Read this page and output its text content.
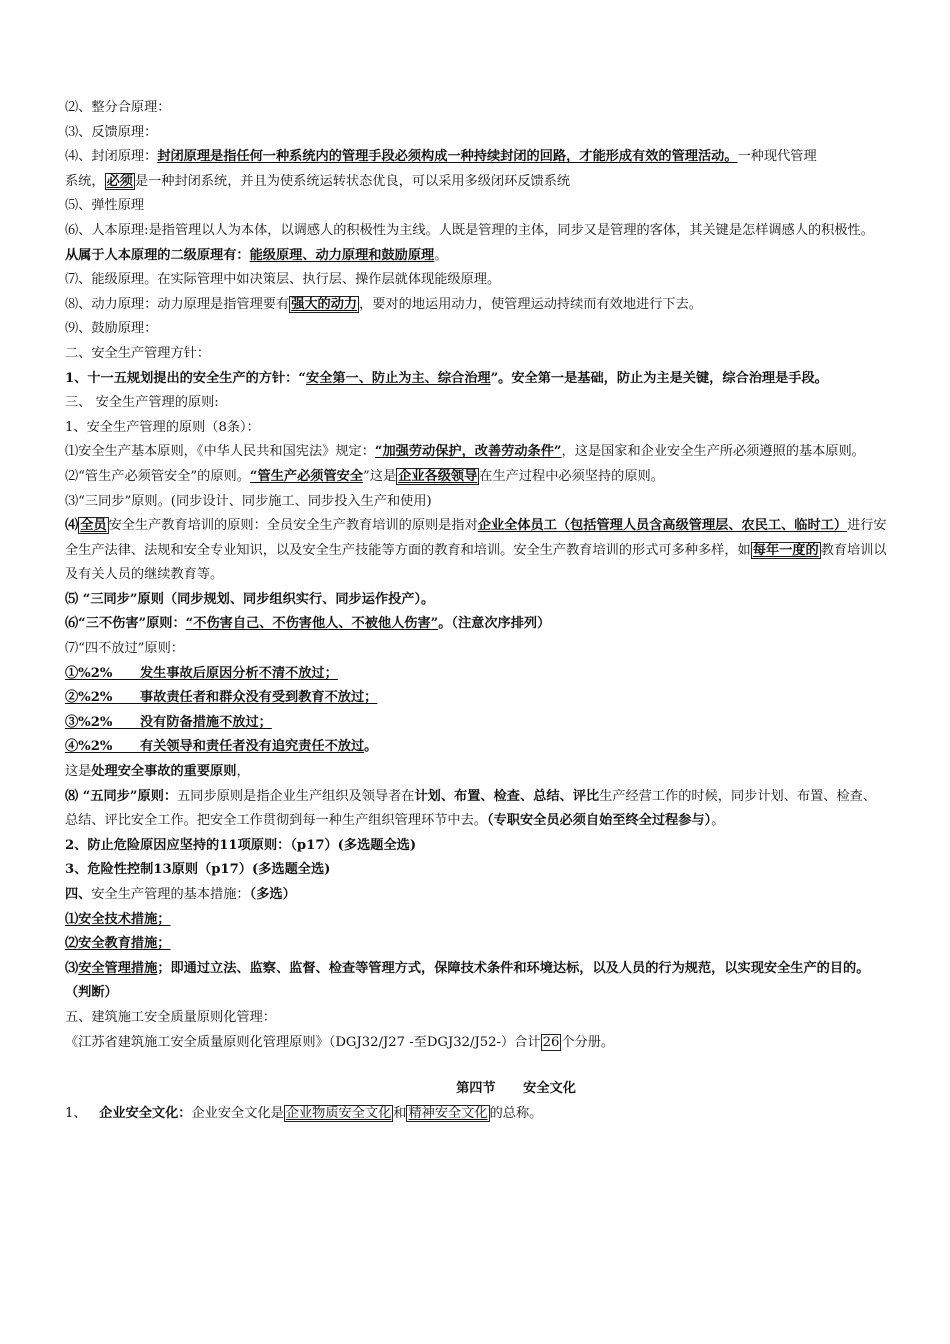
⑵、整分合原理：
⑶、反馈原理：
⑷、封闭原理：封闭原理是指任何一种系统内的管理手段必须构成一种持续封闭的回路，才能形成有效的管理活动。一种现代管理
系统， 必须 是一种封闭系统，并且为使系统运转状态优良，可以采用多级闭环反馈系统
⑸、弹性原理
⑹、人本原理:是指管理以人为本体，以调感人的积极性为主线。人既是管理的主体，同步又是管理的客体，其关键是怎样调感人的积极性。
从属于人本原理的二级原理有：能级原理、动力原理和鼓励原理。
⑺、能级原理。在实际管理中如决策层、执行层、操作层就体现能级原理。
⑻、动力原理：动力原理是指管理要有 强大的动力 ，要对的地运用动力，使管理运动持续而有效地进行下去。
⑼、鼓励原理：
二、安全生产管理方针：
1、十一五规划提出的安全生产的方针：“安全第一、防止为主、综合治理”。安全第一是基础，防止为主是关键，综合治理是手段。
三、 安全生产管理的原则:
1、安全生产管理的原则（8条）：
⑴安全生产基本原则，《中华人民共和国宪法》规定：“加强劳动保护，改善劳动条件”，这是国家和企业安全生产所必须遵照的基本原则。
⑵“管生产必须管安全”的原则。“管生产必须管安全”这是 企业各级领导 在生产过程中必须坚持的原则。
⑶“三同步”原则。(同步设计、同步施工、同步投入生产和使用)
⑷ 全员 安全生产教育培训的原则：全员安全生产教育培训的原则是指对企业全体员工（包括管理人员含高级管理层、农民工、临时工）进行安全生产法律、法规和安全专业知识，以及安全生产技能等方面的教育和培训。安全生产教育培训的形式可多种多样，如 每年一度的 教育培训以及有关人员的继续教育等。
⑸ “三同步”原则（同步规划、同步组织实行、同步运作投产）。
⑹“三不伤害”原则：“不伤害自己、不伤害他人、不被他人伤害”。（注意次序排列）
⑺“四不放过”原则：
①%2%      发生事故后原因分析不清不放过；
②%2%      事故责任者和群众没有受到教育不放过；
③%2%      没有防备措施不放过；
④%2%      有关领导和责任者没有追究责任不放过。
这是处理安全事故的重要原则，
⑻ “五同步”原则：五同步原则是指企业生产组织及领导者在计划、布置、检查、总结、评比生产经营工作的时候，同步计划、布置、检查、总结、评比安全工作。把安全工作贯彻到每一种生产组织管理环节中去。（专职安全员必须自始至终全过程参与）。
2、防止危险原因应坚持的11项原则：（p17）(多选题全选)
3、危险性控制13原则（p17）(多选题全选)
四、安全生产管理的基本措施：（多选）
⑴安全技术措施；
⑵安全教育措施；
⑶安全管理措施；即通过立法、监察、监督、检查等管理方式，保障技术条件和环境达标，以及人员的行为规范，以实现安全生产的目的。（判断）
五、建筑施工安全质量原则化管理：
《江苏省建筑施工安全质量原则化管理原则》（DGJ32/J27 -至DGJ32/J52-）合计 26 个分册。
第四节      安全文化
1、   企业安全文化：企业安全文化是 企业物质安全文化 和 精神安全文化 的总称。
